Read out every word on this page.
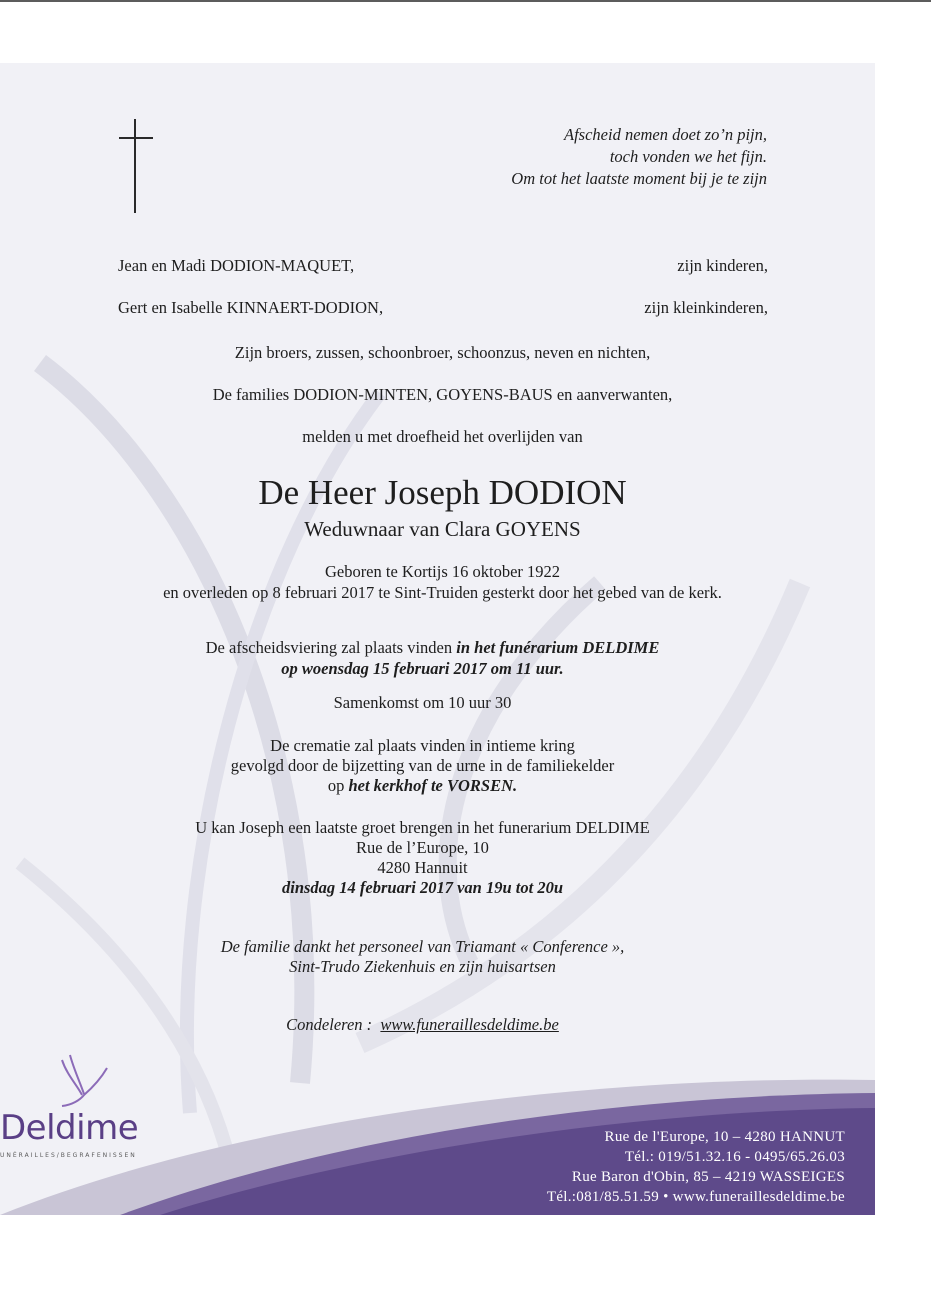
Afscheid nemen doet zo’n pijn,
toch vonden we het fijn.
Om tot het laatste moment bij je te zijn
Jean en Madi DODION-MAQUET,	zijn kinderen,
Gert en Isabelle KINNAERT-DODION,	zijn kleinkinderen,
Zijn broers, zussen, schoonbroer, schoonzus, neven en nichten,
De families DODION-MINTEN, GOYENS-BAUS en aanverwanten,
melden u met droefheid het overlijden van
De Heer Joseph DODION
Weduwnaar van Clara GOYENS
Geboren te Kortijs 16 oktober 1922
en overleden op 8 februari 2017 te Sint-Truiden gesterkt door het gebed van de kerk.
De afscheidsviering zal plaats vinden in het funérarium DELDIME
op woensdag 15 februari 2017 om 11 uur.
Samenkomst om 10 uur 30
De crematie zal plaats vinden in intieme kring
gevolgd door de bijzetting van de urne in de familiekelder
op het kerkhof te VORSEN.
U kan Joseph een laatste groet brengen in het funerarium DELDIME
Rue de l’Europe, 10
4280 Hannuit
dinsdag 14 februari 2017 van 19u tot 20u
De familie dankt het personeel van Triamant « Conference »,
Sint-Trudo Ziekenhuis en zijn huisartsen
Condeleren : www.funeraillesdeldime.be
Deldime
UNÉRAILLES/BEGRAFENISSEN
Rue de l'Europe, 10 – 4280 HANNUT
Tél.: 019/51.32.16 - 0495/65.26.03
Rue Baron d'Obin, 85 – 4219 WASSEIGES
Tél.:081/85.51.59 • www.funeraillesdeldime.be
